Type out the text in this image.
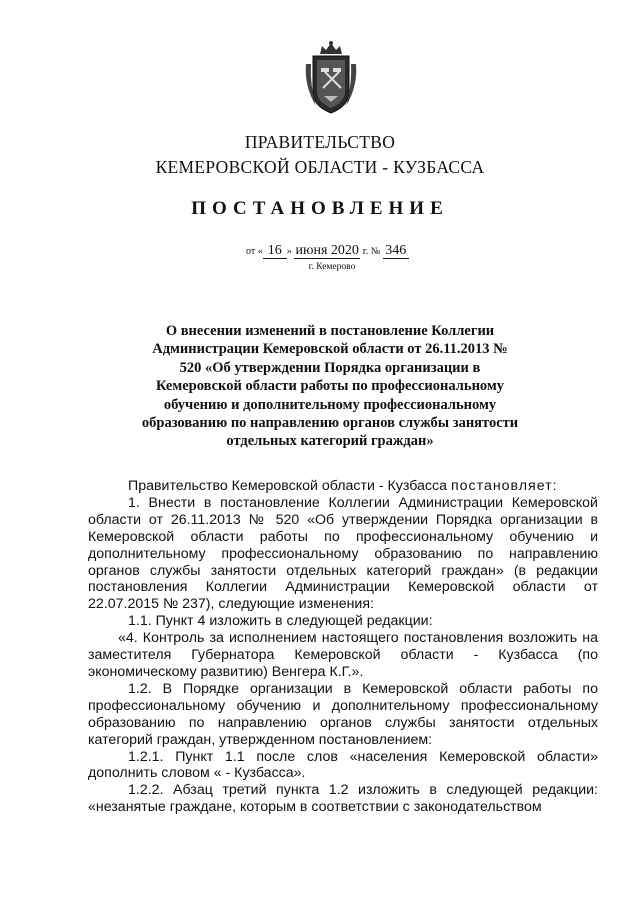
ПРАВИТЕЛЬСТВО
КЕМЕРОВСКОЙ ОБЛАСТИ - КУЗБАССА
ПОСТАНОВЛЕНИЕ
от « 16 » июня 2020 г. № 346
г. Кемерово
О внесении изменений в постановление Коллегии Администрации Кемеровской области от 26.11.2013 № 520 «Об утверждении Порядка организации в Кемеровской области работы по профессиональному обучению и дополнительному профессиональному образованию по направлению органов службы занятости отдельных категорий граждан»

Правительство Кемеровской области - Кузбасса постановляет:

1. Внести в постановление Коллегии Администрации Кемеровской области от 26.11.2013 № 520 «Об утверждении Порядка организации в Кемеровской области работы по профессиональному обучению и дополнительному профессиональному образованию по направлению органов службы занятости отдельных категорий граждан» (в редакции постановления Коллегии Администрации Кемеровской области от 22.07.2015 № 237), следующие изменения:

1.1. Пункт 4 изложить в следующей редакции:

«4. Контроль за исполнением настоящего постановления возложить на заместителя Губернатора Кемеровской области - Кузбасса (по экономическому развитию) Венгера К.Г.».

1.2. В Порядке организации в Кемеровской области работы по профессиональному обучению и дополнительному профессиональному образованию по направлению органов службы занятости отдельных категорий граждан, утвержденном постановлением:

1.2.1. Пункт 1.1 после слов «населения Кемеровской области» дополнить словом « - Кузбасса».

1.2.2. Абзац третий пункта 1.2 изложить в следующей редакции: «незанятые граждане, которым в соответствии с законодательством
